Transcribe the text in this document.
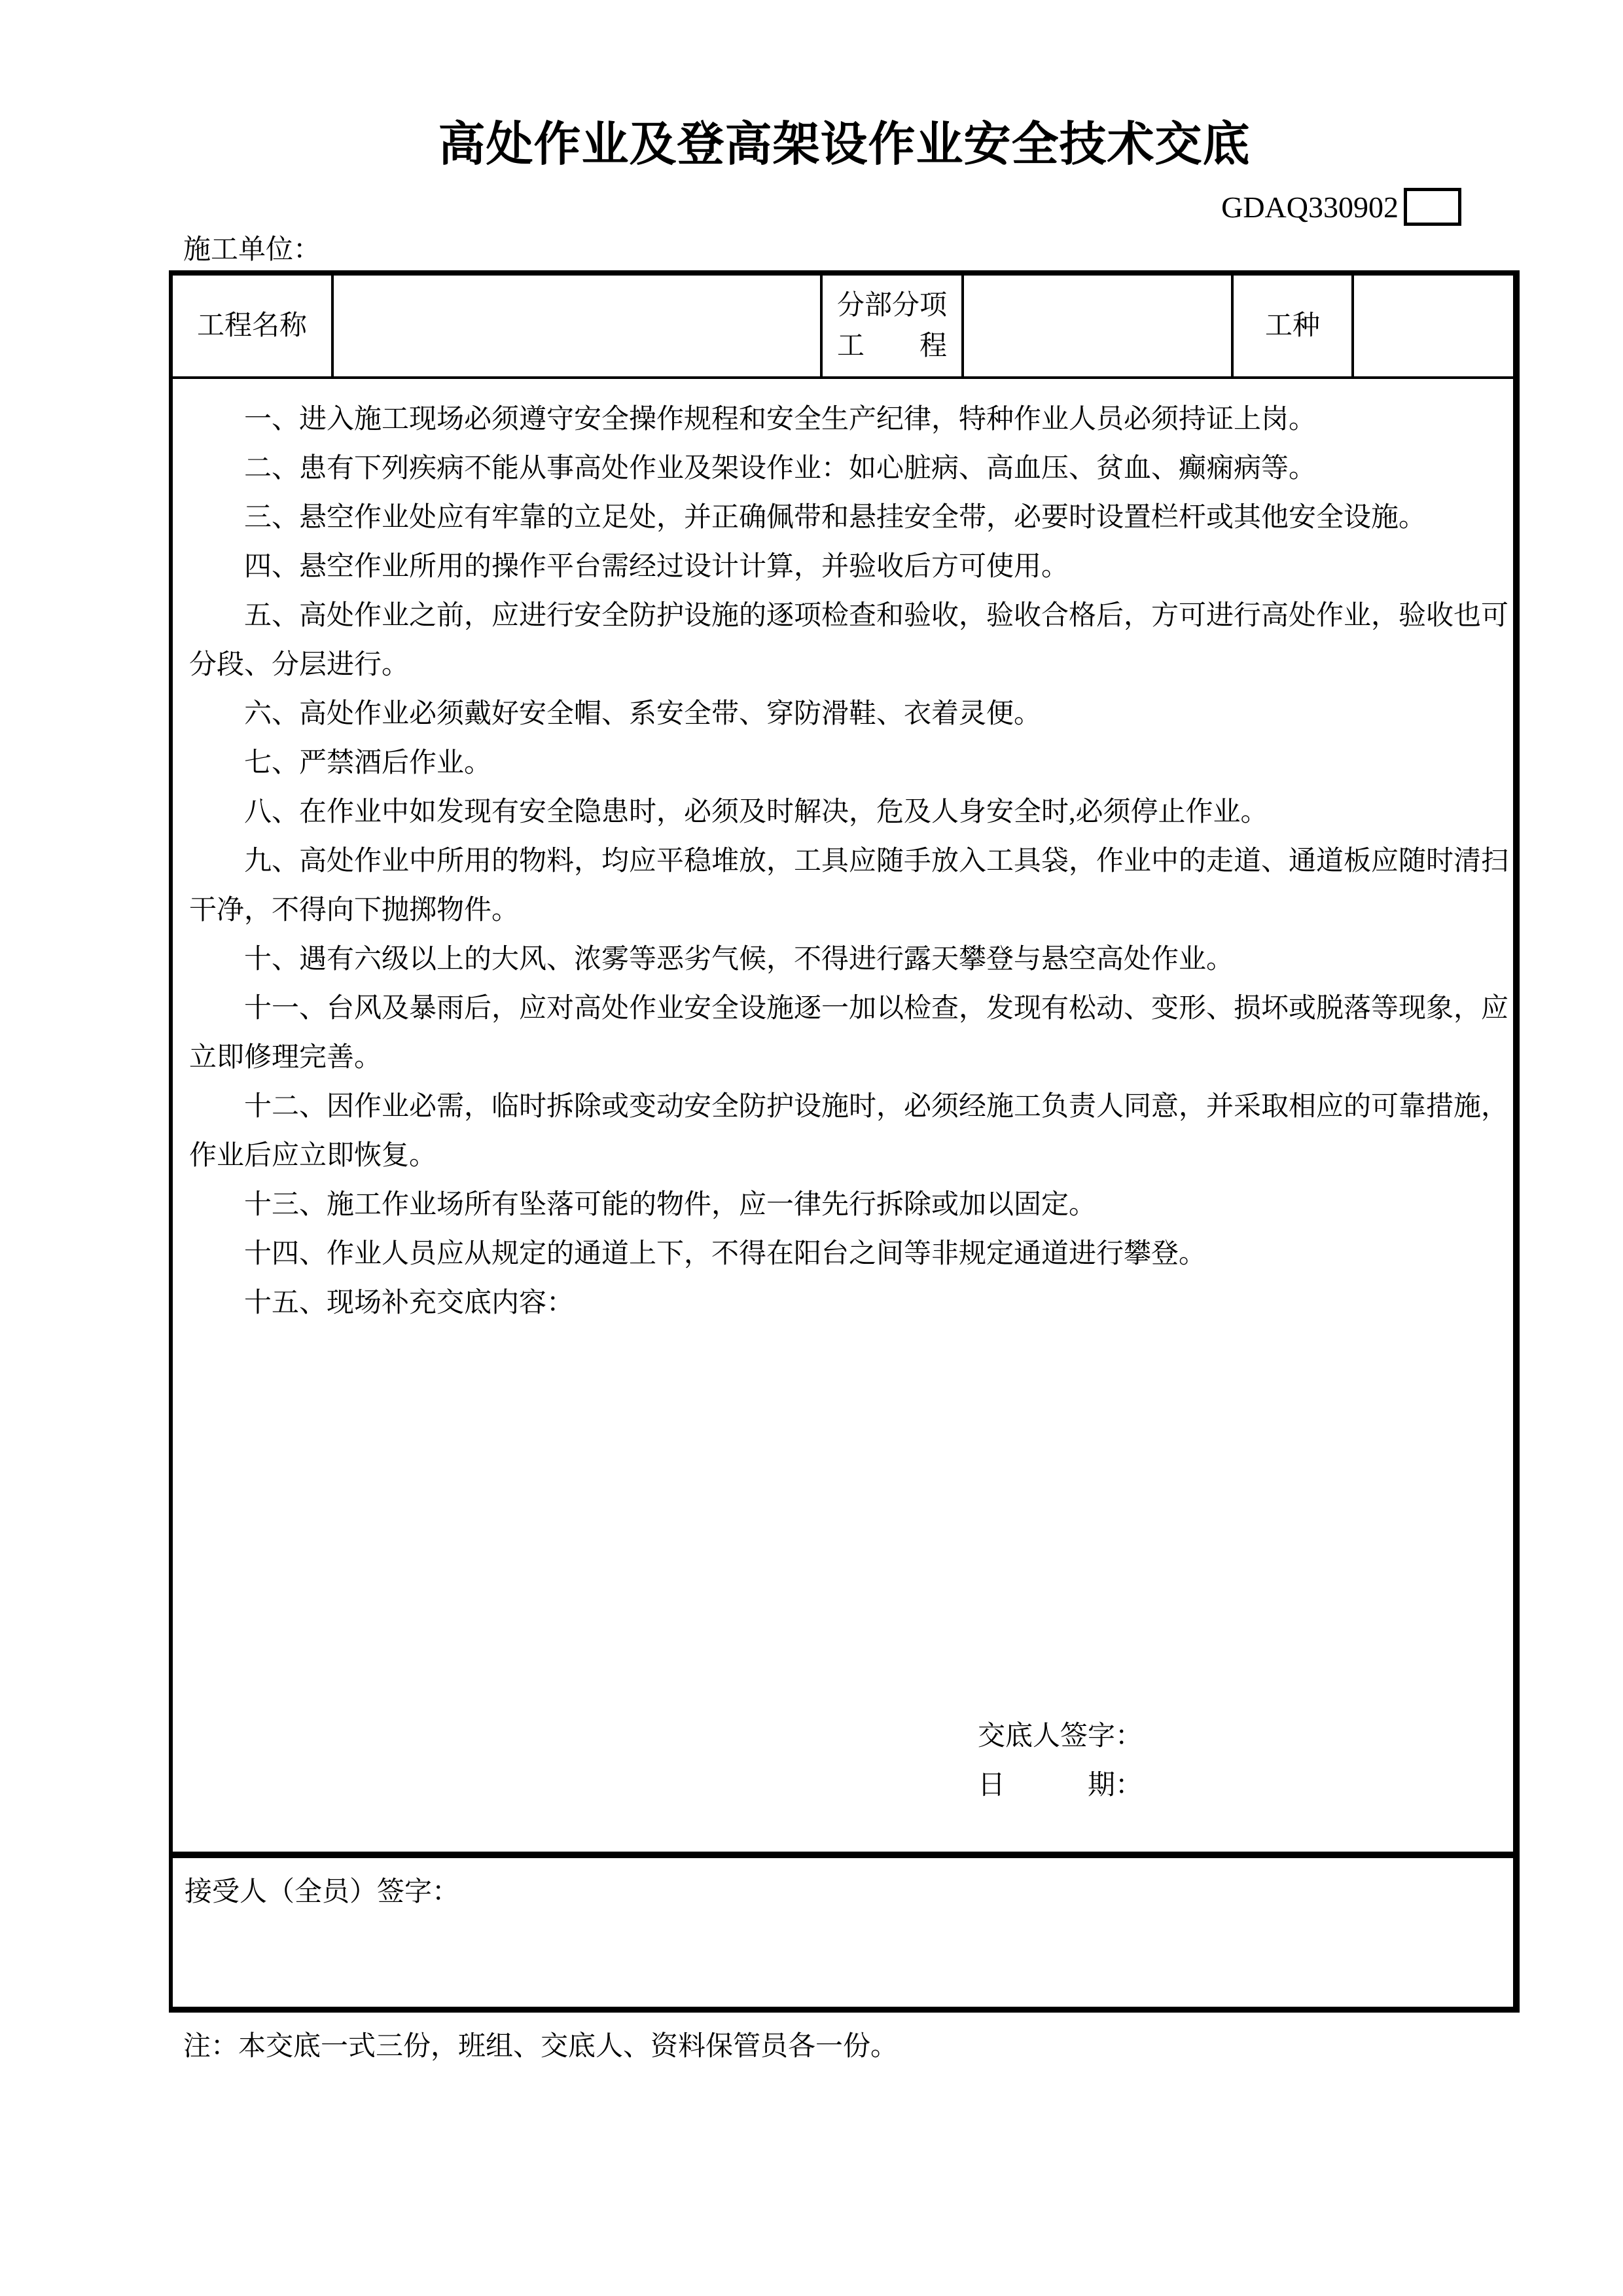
高处作业及登高架设作业安全技术交底
GDAQ330902
施工单位：
工程名称
分部分项
工　　程
工种
一、进入施工现场必须遵守安全操作规程和安全生产纪律，特种作业人员必须持证上岗。
二、患有下列疾病不能从事高处作业及架设作业：如心脏病、高血压、贫血、癫痫病等。
三、悬空作业处应有牢靠的立足处，并正确佩带和悬挂安全带，必要时设置栏杆或其他安全设施。
四、悬空作业所用的操作平台需经过设计计算，并验收后方可使用。
五、高处作业之前，应进行安全防护设施的逐项检查和验收，验收合格后，方可进行高处作业，验收也可
分段、分层进行。
六、高处作业必须戴好安全帽、系安全带、穿防滑鞋、衣着灵便。
七、严禁酒后作业。
八、在作业中如发现有安全隐患时，必须及时解决，危及人身安全时,必须停止作业。
九、高处作业中所用的物料，均应平稳堆放，工具应随手放入工具袋，作业中的走道、通道板应随时清扫
干净，不得向下抛掷物件。
十、遇有六级以上的大风、浓雾等恶劣气候，不得进行露天攀登与悬空高处作业。
十一、台风及暴雨后，应对高处作业安全设施逐一加以检查，发现有松动、变形、损坏或脱落等现象，应
立即修理完善。
十二、因作业必需，临时拆除或变动安全防护设施时，必须经施工负责人同意，并采取相应的可靠措施，
作业后应立即恢复。
十三、施工作业场所有坠落可能的物件，应一律先行拆除或加以固定。
十四、作业人员应从规定的通道上下，不得在阳台之间等非规定通道进行攀登。
十五、现场补充交底内容：
交底人签字：
日　　　期：
接受人（全员）签字：
注：本交底一式三份，班组、交底人、资料保管员各一份。
